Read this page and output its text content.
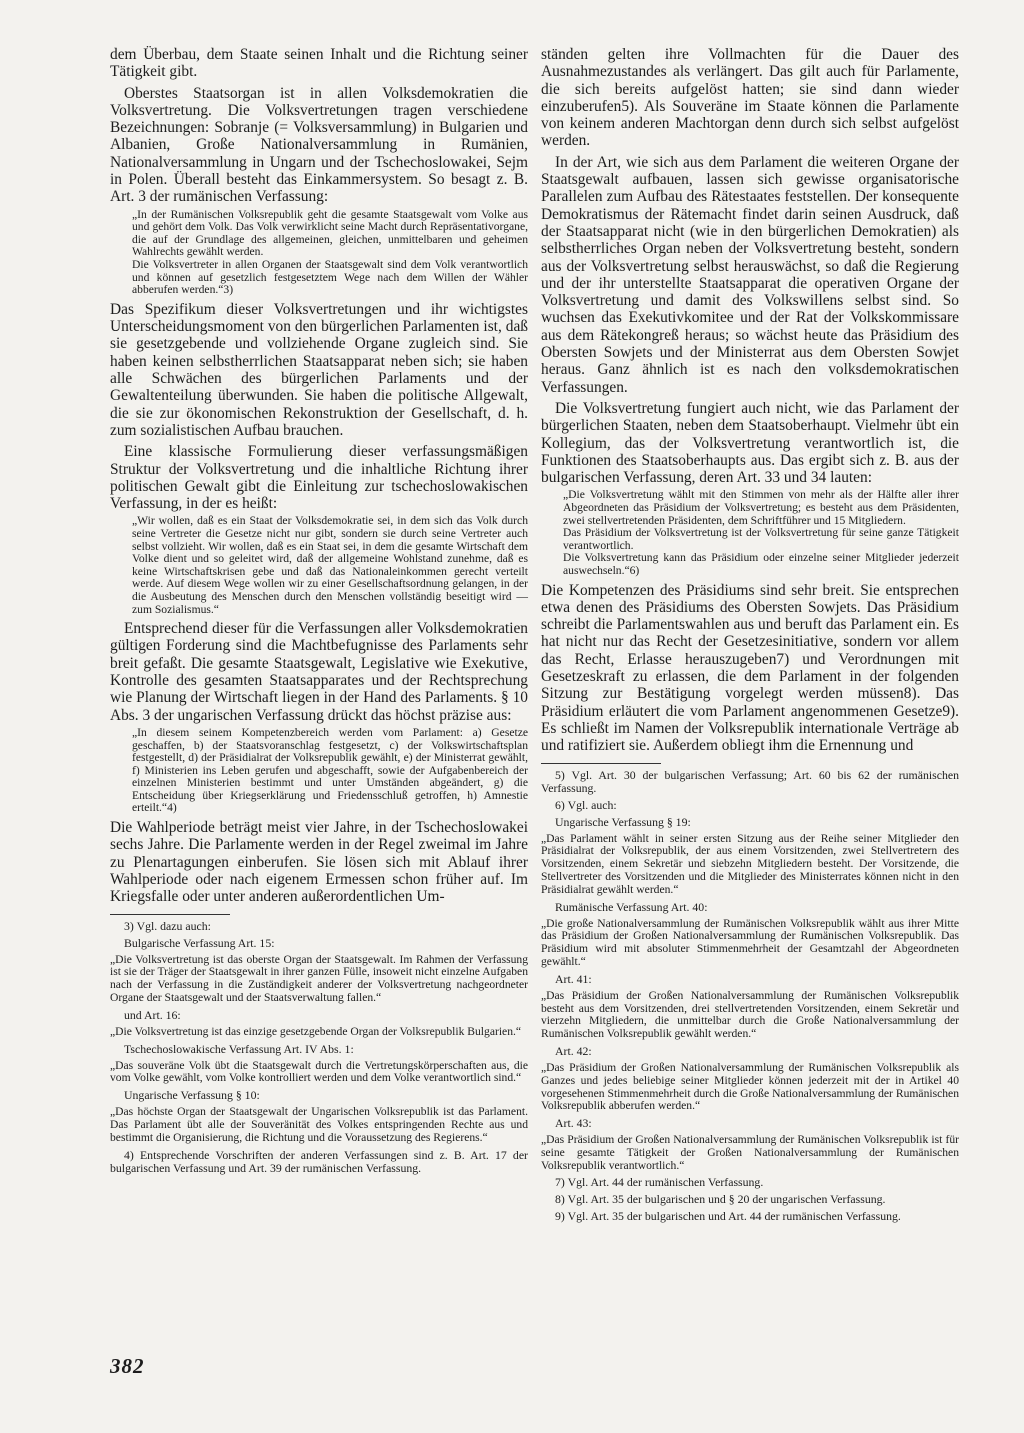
dem Überbau, dem Staate seinen Inhalt und die Richtung seiner Tätigkeit gibt.

Oberstes Staatsorgan ist in allen Volksdemokratien die Volksvertretung. Die Volksvertretungen tragen verschiedene Bezeichnungen: Sobranje (= Volksversammlung) in Bulgarien und Albanien, Große Nationalversammlung in Rumänien, Nationalversammlung in Ungarn und der Tschechoslowakei, Sejm in Polen. Überall besteht das Einkammersystem. So besagt z. B. Art. 3 der rumänischen Verfassung:

„In der Rumänischen Volksrepublik geht die gesamte Staatsgewalt vom Volke aus und gehört dem Volk. Das Volk verwirklicht seine Macht durch Repräsentativorgane, die auf der Grundlage des allgemeinen, gleichen, unmittelbaren und geheimen Wahlrechts gewählt werden.
Die Volksvertreter in allen Organen der Staatsgewalt sind dem Volk verantwortlich und können auf gesetzlich festgesetztem Wege nach dem Willen der Wähler abberufen werden.“3)

Das Spezifikum dieser Volksvertretungen und ihr wichtigstes Unterscheidungsmoment von den bürgerlichen Parlamenten ist, daß sie gesetzgebende und vollziehende Organe zugleich sind. Sie haben keinen selbstherrlichen Staatsapparat neben sich; sie haben alle Schwächen des bürgerlichen Parlaments und der Gewaltenteilung überwunden. Sie haben die politische Allgewalt, die sie zur ökonomischen Rekonstruktion der Gesellschaft, d. h. zum sozialistischen Aufbau brauchen.

Eine klassische Formulierung dieser verfassungsmäßigen Struktur der Volksvertretung und die inhaltliche Richtung ihrer politischen Gewalt gibt die Einleitung zur tschechoslowakischen Verfassung, in der es heißt:

„Wir wollen, daß es ein Staat der Volksdemokratie sei, in dem sich das Volk durch seine Vertreter die Gesetze nicht nur gibt, sondern sie durch seine Vertreter auch selbst vollzieht. Wir wollen, daß es ein Staat sei, in dem die gesamte Wirtschaft dem Volke dient und so geleitet wird, daß der allgemeine Wohlstand zunehme, daß es keine Wirtschaftskrisen gebe und daß das Nationaleinkommen gerecht verteilt werde. Auf diesem Wege wollen wir zu einer Gesellschaftsordnung gelangen, in der die Ausbeutung des Menschen durch den Menschen vollständig beseitigt wird — zum Sozialismus.“

Entsprechend dieser für die Verfassungen aller Volksdemokratien gültigen Forderung sind die Machtbefugnisse des Parlaments sehr breit gefaßt. Die gesamte Staatsgewalt, Legislative wie Exekutive, Kontrolle des gesamten Staatsapparates und der Rechtsprechung wie Planung der Wirtschaft liegen in der Hand des Parlaments. § 10 Abs. 3 der ungarischen Verfassung drückt das höchst präzise aus:

„In diesem seinem Kompetenzbereich werden vom Parlament: a) Gesetze geschaffen, b) der Staatsvoranschlag festgesetzt, c) der Volkswirtschaftsplan festgestellt, d) der Präsidialrat der Volksrepublik gewählt, e) der Ministerrat gewählt, f) Ministerien ins Leben gerufen und abgeschafft, sowie der Aufgabenbereich der einzelnen Ministerien bestimmt und unter Umständen abgeändert, g) die Entscheidung über Kriegserklärung und Friedensschluß getroffen, h) Amnestie erteilt.“4)

Die Wahlperiode beträgt meist vier Jahre, in der Tschechoslowakei sechs Jahre. Die Parlamente werden in der Regel zweimal im Jahre zu Plenartagungen einberufen. Sie lösen sich mit Ablauf ihrer Wahlperiode oder nach eigenem Ermessen schon früher auf. Im Kriegsfalle oder unter anderen außerordentlichen Um-

3) Vgl. dazu auch:
Bulgarische Verfassung Art. 15:
„Die Volksvertretung ist das oberste Organ der Staatsgewalt. Im Rahmen der Verfassung ist sie der Träger der Staatsgewalt in ihrer ganzen Fülle, insoweit nicht einzelne Aufgaben nach der Verfassung in die Zuständigkeit anderer der Volksvertretung nachgeordneter Organe der Staatsgewalt und der Staatsverwaltung fallen.“
und Art. 16:
„Die Volksvertretung ist das einzige gesetzgebende Organ der Volksrepublik Bulgarien.“
Tschechoslowakische Verfassung Art. IV Abs. 1:
„Das souveräne Volk übt die Staatsgewalt durch die Vertretungskörperschaften aus, die vom Volke gewählt, vom Volke kontrolliert werden und dem Volke verantwortlich sind.“
Ungarische Verfassung § 10:
„Das höchste Organ der Staatsgewalt der Ungarischen Volksrepublik ist das Parlament. Das Parlament übt alle der Souveränität des Volkes entspringenden Rechte aus und bestimmt die Organisierung, die Richtung und die Voraussetzung des Regierens.“
4) Entsprechende Vorschriften der anderen Verfassungen sind z. B. Art. 17 der bulgarischen Verfassung und Art. 39 der rumänischen Verfassung.

ständen gelten ihre Vollmachten für die Dauer des Ausnahmezustandes als verlängert. Das gilt auch für Parlamente, die sich bereits aufgelöst hatten; sie sind dann wieder einzuberufen5). Als Souveräne im Staate können die Parlamente von keinem anderen Machtorgan denn durch sich selbst aufgelöst werden.

In der Art, wie sich aus dem Parlament die weiteren Organe der Staatsgewalt aufbauen, lassen sich gewisse organisatorische Parallelen zum Aufbau des Rätestaates feststellen. Der konsequente Demokratismus der Rätemacht findet darin seinen Ausdruck, daß der Staatsapparat nicht (wie in den bürgerlichen Demokratien) als selbstherrliches Organ neben der Volksvertretung besteht, sondern aus der Volksvertretung selbst herauswächst, so daß die Regierung und der ihr unterstellte Staatsapparat die operativen Organe der Volksvertretung und damit des Volkswillens selbst sind. So wuchsen das Exekutivkomitee und der Rat der Volkskommissare aus dem Rätekongreß heraus; so wächst heute das Präsidium des Obersten Sowjets und der Ministerrat aus dem Obersten Sowjet heraus. Ganz ähnlich ist es nach den volksdemokratischen Verfassungen.

Die Volksvertretung fungiert auch nicht, wie das Parlament der bürgerlichen Staaten, neben dem Staatsoberhaupt. Vielmehr übt ein Kollegium, das der Volksvertretung verantwortlich ist, die Funktionen des Staatsoberhaupts aus. Das ergibt sich z. B. aus der bulgarischen Verfassung, deren Art. 33 und 34 lauten:

„Die Volksvertretung wählt mit den Stimmen von mehr als der Hälfte aller ihrer Abgeordneten das Präsidium der Volksvertretung; es besteht aus dem Präsidenten, zwei stellvertretenden Präsidenten, dem Schriftführer und 15 Mitgliedern.
Das Präsidium der Volksvertretung ist der Volksvertretung für seine ganze Tätigkeit verantwortlich.
Die Volksvertretung kann das Präsidium oder einzelne seiner Mitglieder jederzeit auswechseln.“6)

Die Kompetenzen des Präsidiums sind sehr breit. Sie entsprechen etwa denen des Präsidiums des Obersten Sowjets. Das Präsidium schreibt die Parlamentswahlen aus und beruft das Parlament ein. Es hat nicht nur das Recht der Gesetzesinitiative, sondern vor allem das Recht, Erlasse herauszugeben7) und Verordnungen mit Gesetzeskraft zu erlassen, die dem Parlament in der folgenden Sitzung zur Bestätigung vorgelegt werden müssen8). Das Präsidium erläutert die vom Parlament angenommenen Gesetze9). Es schließt im Namen der Volksrepublik internationale Verträge ab und ratifiziert sie. Außerdem obliegt ihm die Ernennung und

5) Vgl. Art. 30 der bulgarischen Verfassung; Art. 60 bis 62 der rumänischen Verfassung.
6) Vgl. auch:
Ungarische Verfassung § 19:
„Das Parlament wählt in seiner ersten Sitzung aus der Reihe seiner Mitglieder den Präsidialrat der Volksrepublik, der aus einem Vorsitzenden, zwei Stellvertretern des Vorsitzenden, einem Sekretär und siebzehn Mitgliedern besteht. Der Vorsitzende, die Stellvertreter des Vorsitzenden und die Mitglieder des Ministerrates können nicht in den Präsidialrat gewählt werden.“
Rumänische Verfassung Art. 40:
„Die große Nationalversammlung der Rumänischen Volksrepublik wählt aus ihrer Mitte das Präsidium der Großen Nationalversammlung der Rumänischen Volksrepublik. Das Präsidium wird mit absoluter Stimmenmehrheit der Gesamtzahl der Abgeordneten gewählt.“
Art. 41:
„Das Präsidium der Großen Nationalversammlung der Rumänischen Volksrepublik besteht aus dem Vorsitzenden, drei stellvertretenden Vorsitzenden, einem Sekretär und vierzehn Mitgliedern, die unmittelbar durch die Große Nationalversammlung der Rumänischen Volksrepublik gewählt werden.“
Art. 42:
„Das Präsidium der Großen Nationalversammlung der Rumänischen Volksrepublik als Ganzes und jedes beliebige seiner Mitglieder können jederzeit mit der in Artikel 40 vorgesehenen Stimmenmehrheit durch die Große Nationalversammlung der Rumänischen Volksrepublik abberufen werden.“
Art. 43:
„Das Präsidium der Großen Nationalversammlung der Rumänischen Volksrepublik ist für seine gesamte Tätigkeit der Großen Nationalversammlung der Rumänischen Volksrepublik verantwortlich.“
7) Vgl. Art. 44 der rumänischen Verfassung.
8) Vgl. Art. 35 der bulgarischen und § 20 der ungarischen Verfassung.
9) Vgl. Art. 35 der bulgarischen und Art. 44 der rumänischen Verfassung.
382
